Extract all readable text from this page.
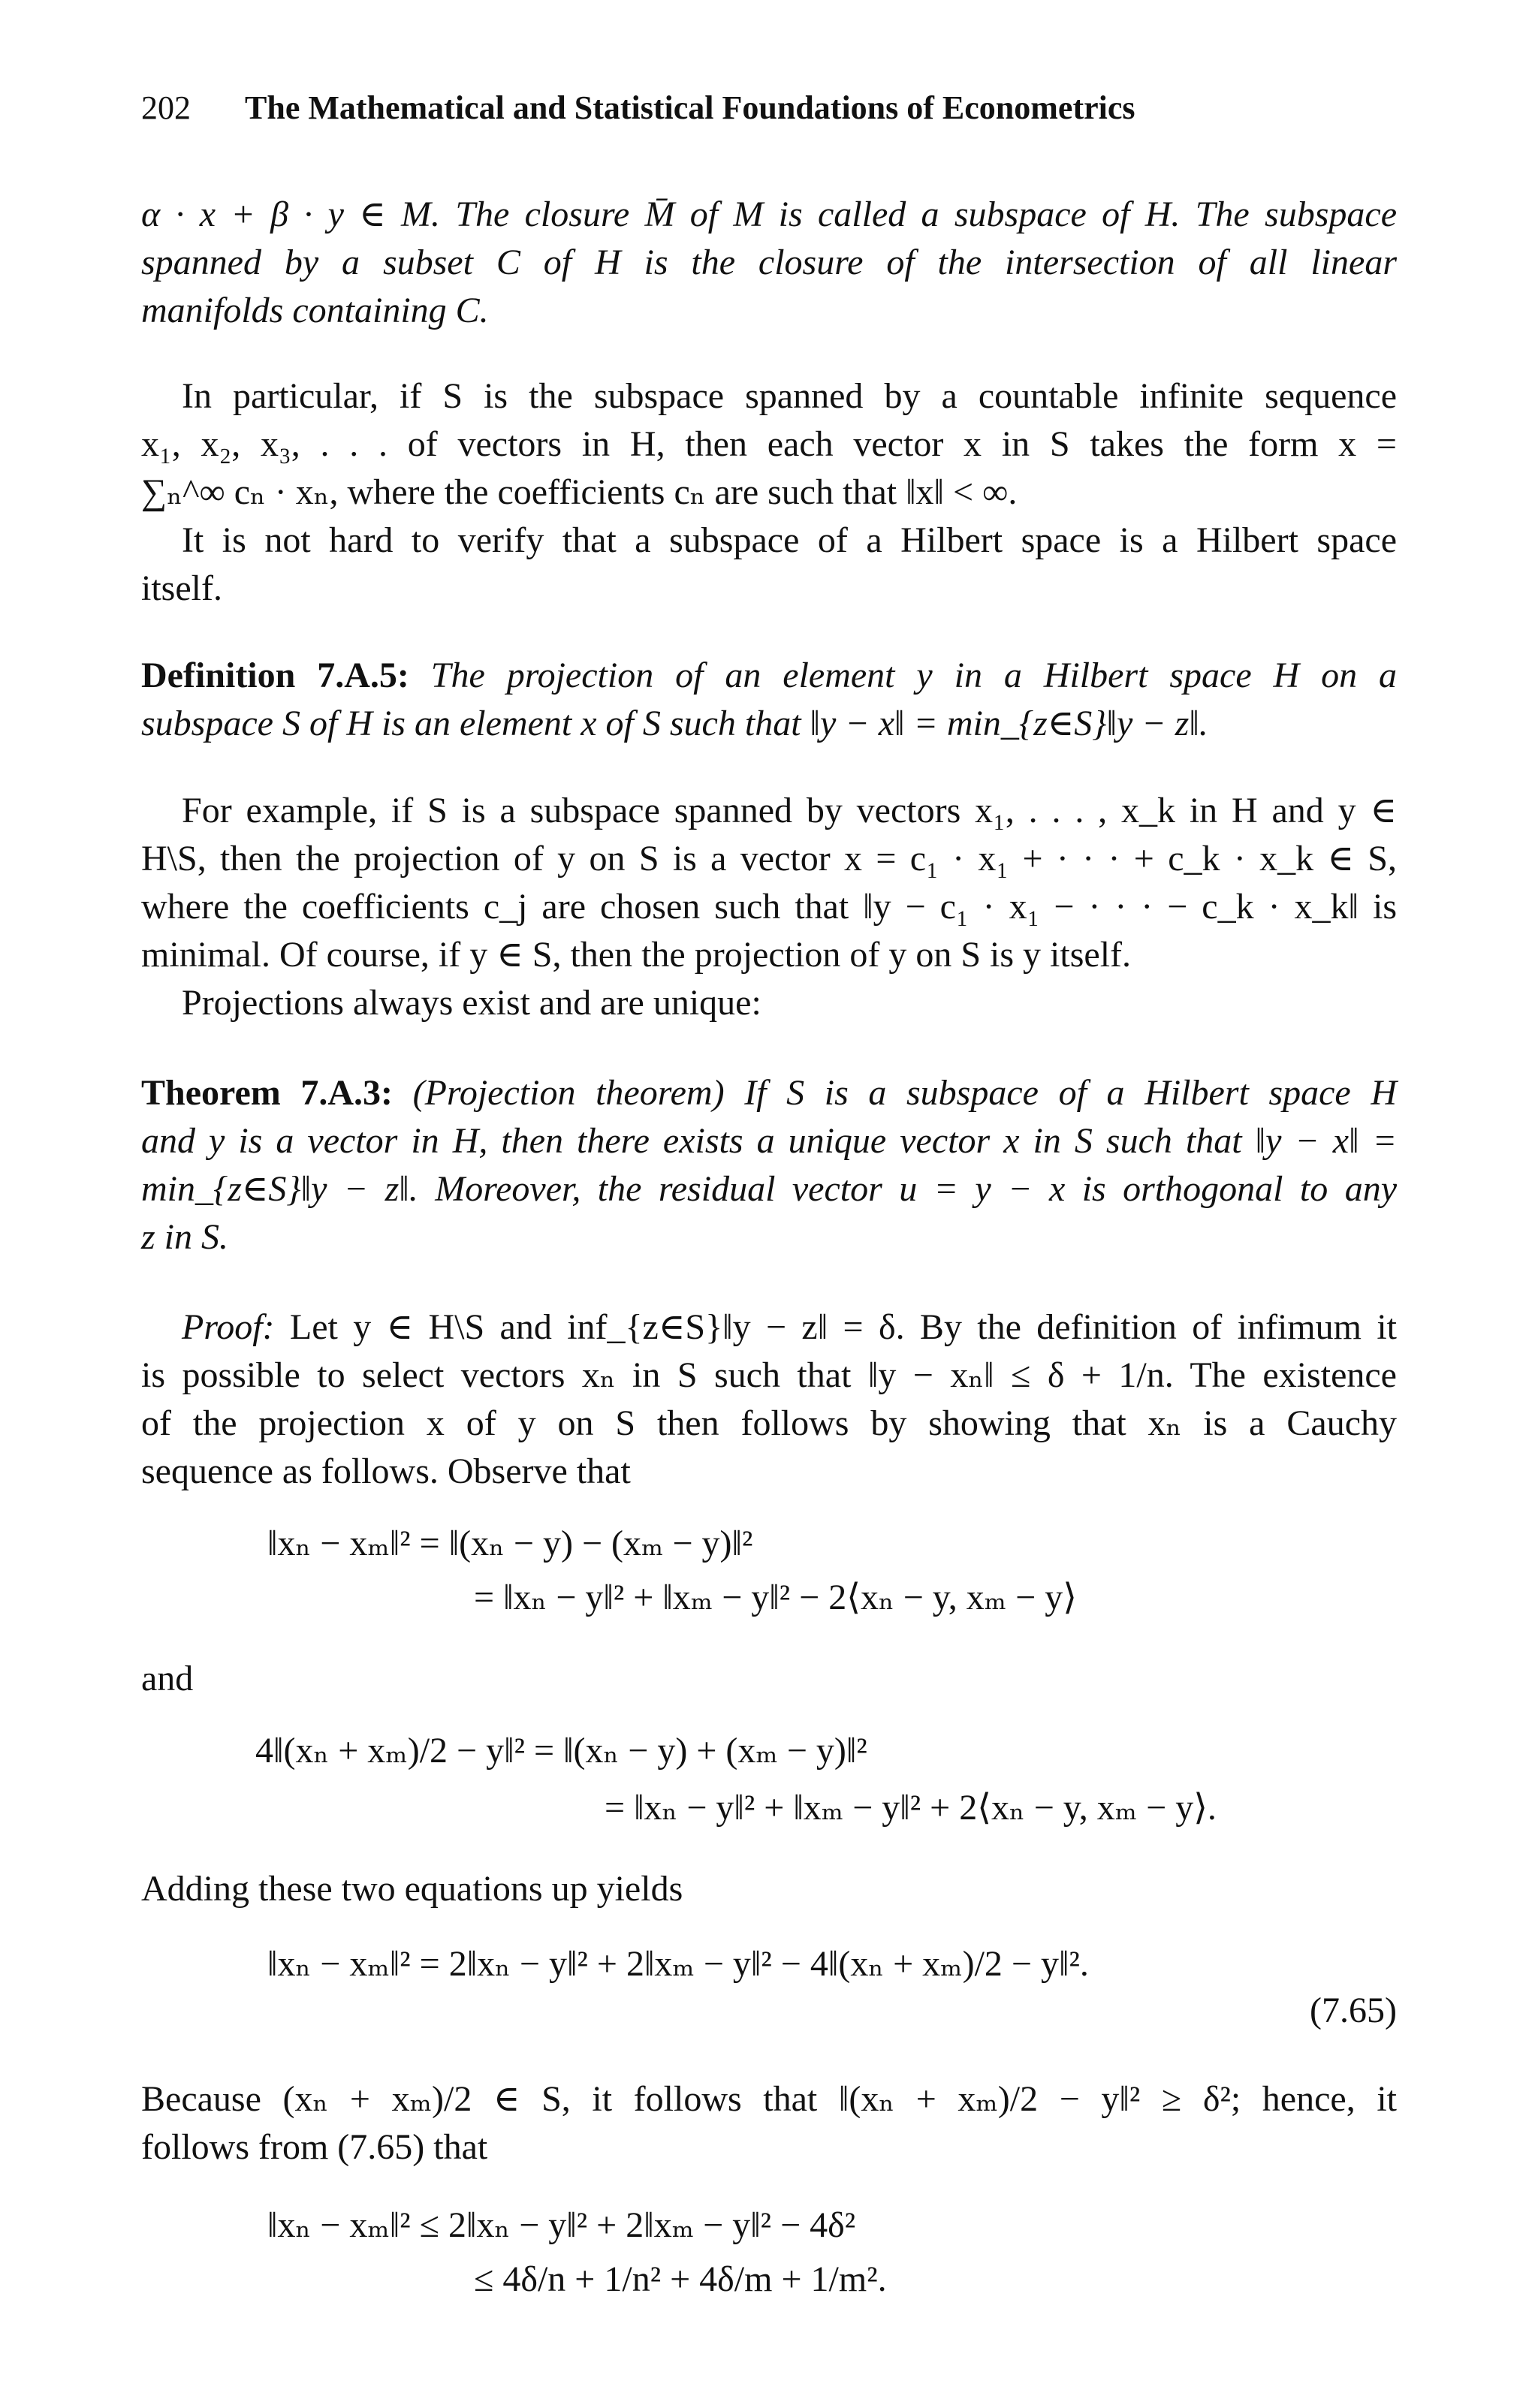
202 The Mathematical and Statistical Foundations of Econometrics
α · x + β · y ∈ M. The closure M̄ of M is called a subspace of H. The subspace
spanned by a subset C of H is the closure of the intersection of all linear
manifolds containing C.
In particular, if S is the subspace spanned by a countable infinite sequence
x₁, x₂, x₃, . . . of vectors in H, then each vector x in S takes the form x =
∑ₙ^∞ cₙ · xₙ, where the coefficients cₙ are such that ‖x‖ < ∞.
It is not hard to verify that a subspace of a Hilbert space is a Hilbert space
itself.
Definition 7.A.5: The projection of an element y in a Hilbert space H on a
subspace S of H is an element x of S such that ‖y − x‖ = min_{z∈S}‖y − z‖.
For example, if S is a subspace spanned by vectors x₁, . . . , x_k in H and y ∈
H\S, then the projection of y on S is a vector x = c₁ · x₁ + · · · + c_k · x_k ∈ S,
where the coefficients c_j are chosen such that ‖y − c₁ · x₁ − · · · − c_k · x_k‖ is
minimal. Of course, if y ∈ S, then the projection of y on S is y itself.
Projections always exist and are unique:
Theorem 7.A.3: (Projection theorem) If S is a subspace of a Hilbert space H
and y is a vector in H, then there exists a unique vector x in S such that ‖y − x‖ =
min_{z∈S}‖y − z‖. Moreover, the residual vector u = y − x is orthogonal to any
z in S.
Proof: Let y ∈ H\S and inf_{z∈S}‖y − z‖ = δ. By the definition of infimum it
is possible to select vectors xₙ in S such that ‖y − xₙ‖ ≤ δ + 1/n. The existence
of the projection x of y on S then follows by showing that xₙ is a Cauchy
sequence as follows. Observe that
‖xₙ − xₘ‖² = ‖(xₙ − y) − (xₘ − y)‖²
= ‖xₙ − y‖² + ‖xₘ − y‖² − 2⟨xₙ − y, xₘ − y⟩
and
4‖(xₙ + xₘ)/2 − y‖² = ‖(xₙ − y) + (xₘ − y)‖²
= ‖xₙ − y‖² + ‖xₘ − y‖² + 2⟨xₙ − y, xₘ − y⟩.
Adding these two equations up yields
‖xₙ − xₘ‖² = 2‖xₙ − y‖² + 2‖xₘ − y‖² − 4‖(xₙ + xₘ)/2 − y‖².
(7.65)
Because (xₙ + xₘ)/2 ∈ S, it follows that ‖(xₙ + xₘ)/2 − y‖² ≥ δ²; hence, it
follows from (7.65) that
‖xₙ − xₘ‖² ≤ 2‖xₙ − y‖² + 2‖xₘ − y‖² − 4δ²
≤ 4δ/n + 1/n² + 4δ/m + 1/m².
